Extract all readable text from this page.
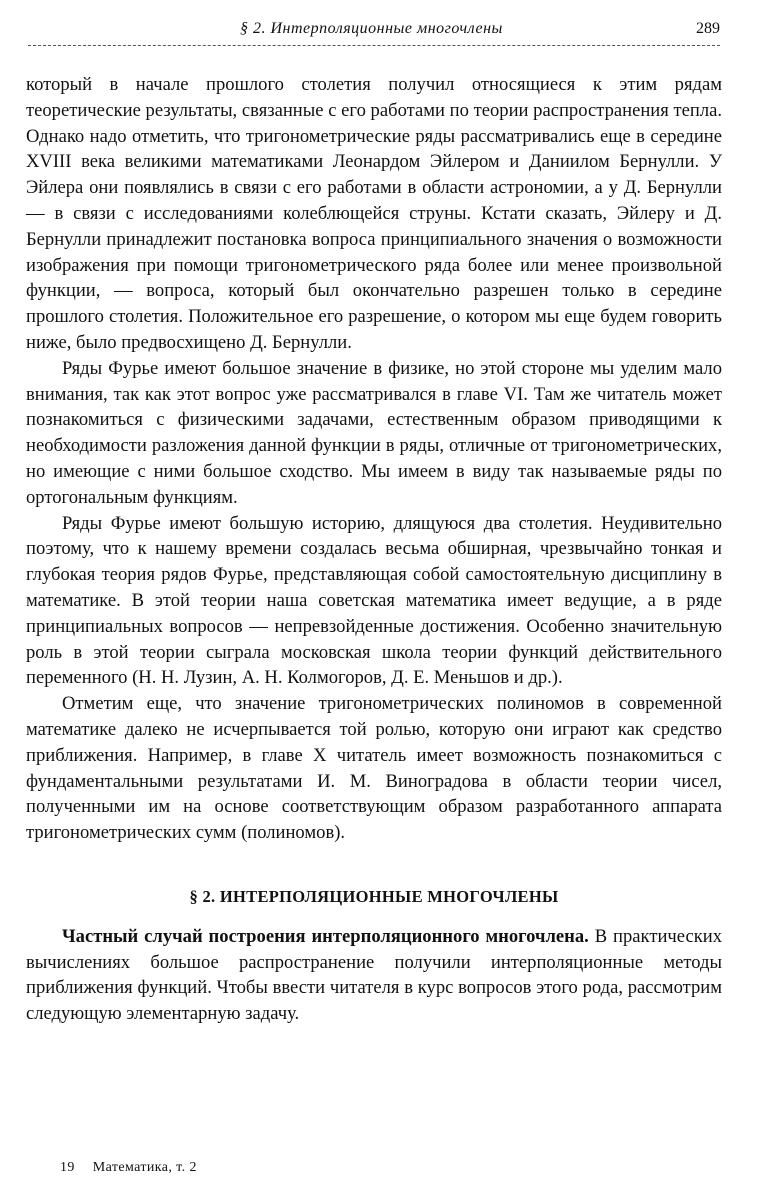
§ 2. Интерполяционные многочлены	289

который в начале прошлого столетия получил относящиеся к этим рядам теоретические результаты, связанные с его работами по теории распространения тепла. Однако надо отметить, что тригонометрические ряды рассматривались еще в середине XVIII века великими математиками Леонардом Эйлером и Даниилом Бернулли. У Эйлера они появлялись в связи с его работами в области астрономии, а у Д. Бернулли — в связи с исследованиями колеблющейся струны. Кстати сказать, Эйлеру и Д. Бернулли принадлежит постановка вопроса принципиального значения о возможности изображения при помощи тригонометрического ряда более или менее произвольной функции, — вопроса, который был окончательно разрешен только в середине прошлого столетия. Положительное его разрешение, о котором мы еще будем говорить ниже, было предвосхищено Д. Бернулли.

Ряды Фурье имеют большое значение в физике, но этой стороне мы уделим мало внимания, так как этот вопрос уже рассматривался в главе VI. Там же читатель может познакомиться с физическими задачами, естественным образом приводящими к необходимости разложения данной функции в ряды, отличные от тригонометрических, но имеющие с ними большое сходство. Мы имеем в виду так называемые ряды по ортогональным функциям.

Ряды Фурье имеют большую историю, длящуюся два столетия. Неудивительно поэтому, что к нашему времени создалась весьма обширная, чрезвычайно тонкая и глубокая теория рядов Фурье, представляющая собой самостоятельную дисциплину в математике. В этой теории наша советская математика имеет ведущие, а в ряде принципиальных вопросов — непревзойденные достижения. Особенно значительную роль в этой теории сыграла московская школа теории функций действительного переменного (Н. Н. Лузин, А. Н. Колмогоров, Д. Е. Меньшов и др.).

Отметим еще, что значение тригонометрических полиномов в современной математике далеко не исчерпывается той ролью, которую они играют как средство приближения. Например, в главе X читатель имеет возможность познакомиться с фундаментальными результатами И. М. Виноградова в области теории чисел, полученными им на основе соответствующим образом разработанного аппарата тригонометрических сумм (полиномов).

§ 2. ИНТЕРПОЛЯЦИОННЫЕ МНОГОЧЛЕНЫ

Частный случай построения интерполяционного многочлена. В практических вычислениях большое распространение получили интерполяционные методы приближения функций. Чтобы ввести читателя в курс вопросов этого рода, рассмотрим следующую элементарную задачу.

19 Математика, т. 2
